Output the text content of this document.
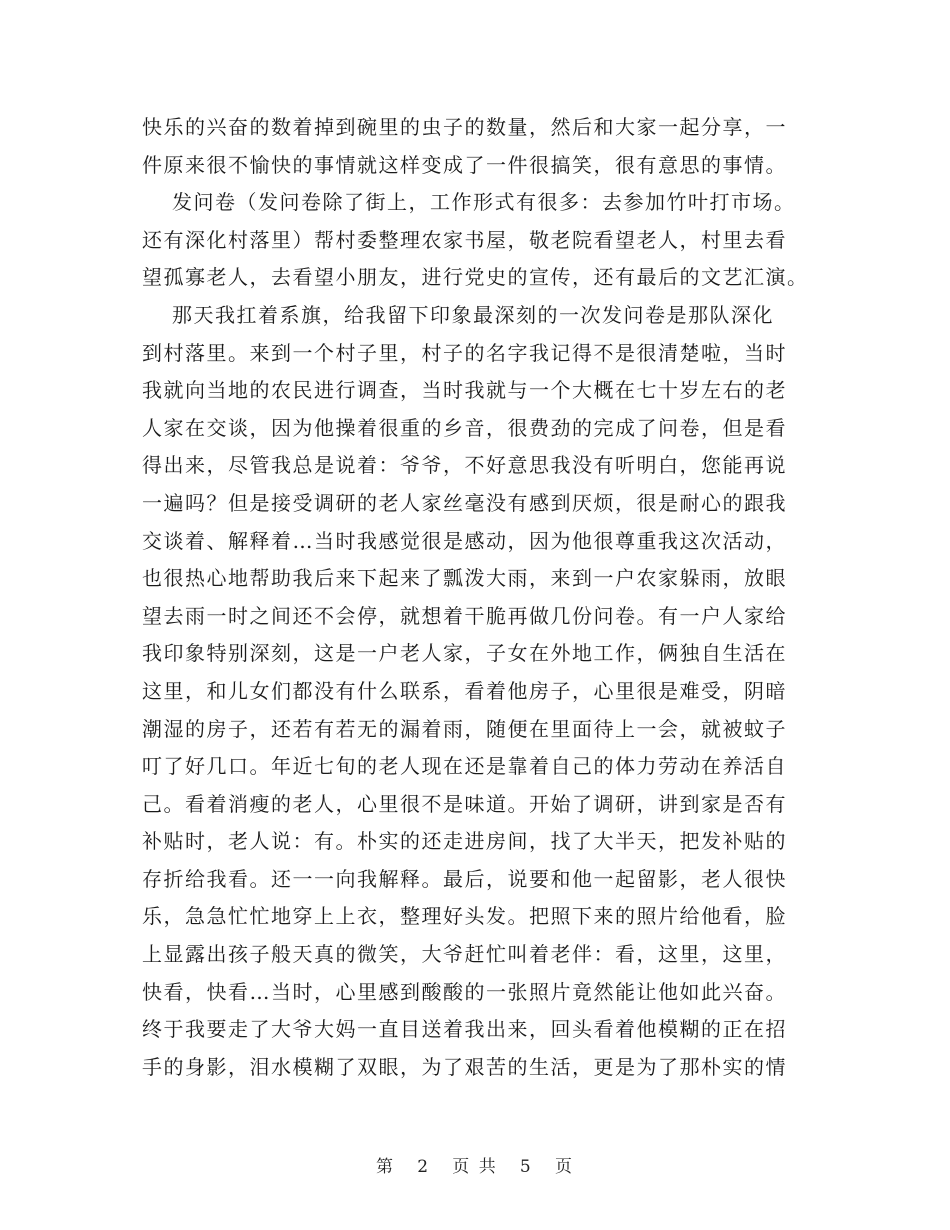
快乐的兴奋的数着掉到碗里的虫子的数量，然后和大家一起分享，一
件原来很不愉快的事情就这样变成了一件很搞笑，很有意思的事情。
发问卷（发问卷除了街上，工作形式有很多：去参加竹叶打市场。
还有深化村落里）帮村委整理农家书屋，敬老院看望老人，村里去看
望孤寡老人，去看望小朋友，进行党史的宣传，还有最后的文艺汇演。
那天我扛着系旗，给我留下印象最深刻的一次发问卷是那队深化
到村落里。来到一个村子里，村子的名字我记得不是很清楚啦，当时
我就向当地的农民进行调查，当时我就与一个大概在七十岁左右的老
人家在交谈，因为他操着很重的乡音，很费劲的完成了问卷，但是看
得出来，尽管我总是说着：爷爷，不好意思我没有听明白，您能再说
一遍吗？但是接受调研的老人家丝毫没有感到厌烦，很是耐心的跟我
交谈着、解释着…当时我感觉很是感动，因为他很尊重我这次活动，
也很热心地帮助我后来下起来了瓢泼大雨，来到一户农家躲雨，放眼
望去雨一时之间还不会停，就想着干脆再做几份问卷。有一户人家给
我印象特别深刻，这是一户老人家，子女在外地工作，俩独自生活在
这里，和儿女们都没有什么联系，看着他房子，心里很是难受，阴暗
潮湿的房子，还若有若无的漏着雨，随便在里面待上一会，就被蚊子
叮了好几口。年近七旬的老人现在还是靠着自己的体力劳动在养活自
己。看着消瘦的老人，心里很不是味道。开始了调研，讲到家是否有
补贴时，老人说：有。朴实的还走进房间，找了大半天，把发补贴的
存折给我看。还一一向我解释。最后，说要和他一起留影，老人很快
乐，急急忙忙地穿上上衣，整理好头发。把照下来的照片给他看，脸
上显露出孩子般天真的微笑，大爷赶忙叫着老伴：看，这里，这里，
快看，快看…当时，心里感到酸酸的一张照片竟然能让他如此兴奋。
终于我要走了大爷大妈一直目送着我出来，回头看着他模糊的正在招
手的身影，泪水模糊了双眼，为了艰苦的生活，更是为了那朴实的情
第 2 页 共 5 页
